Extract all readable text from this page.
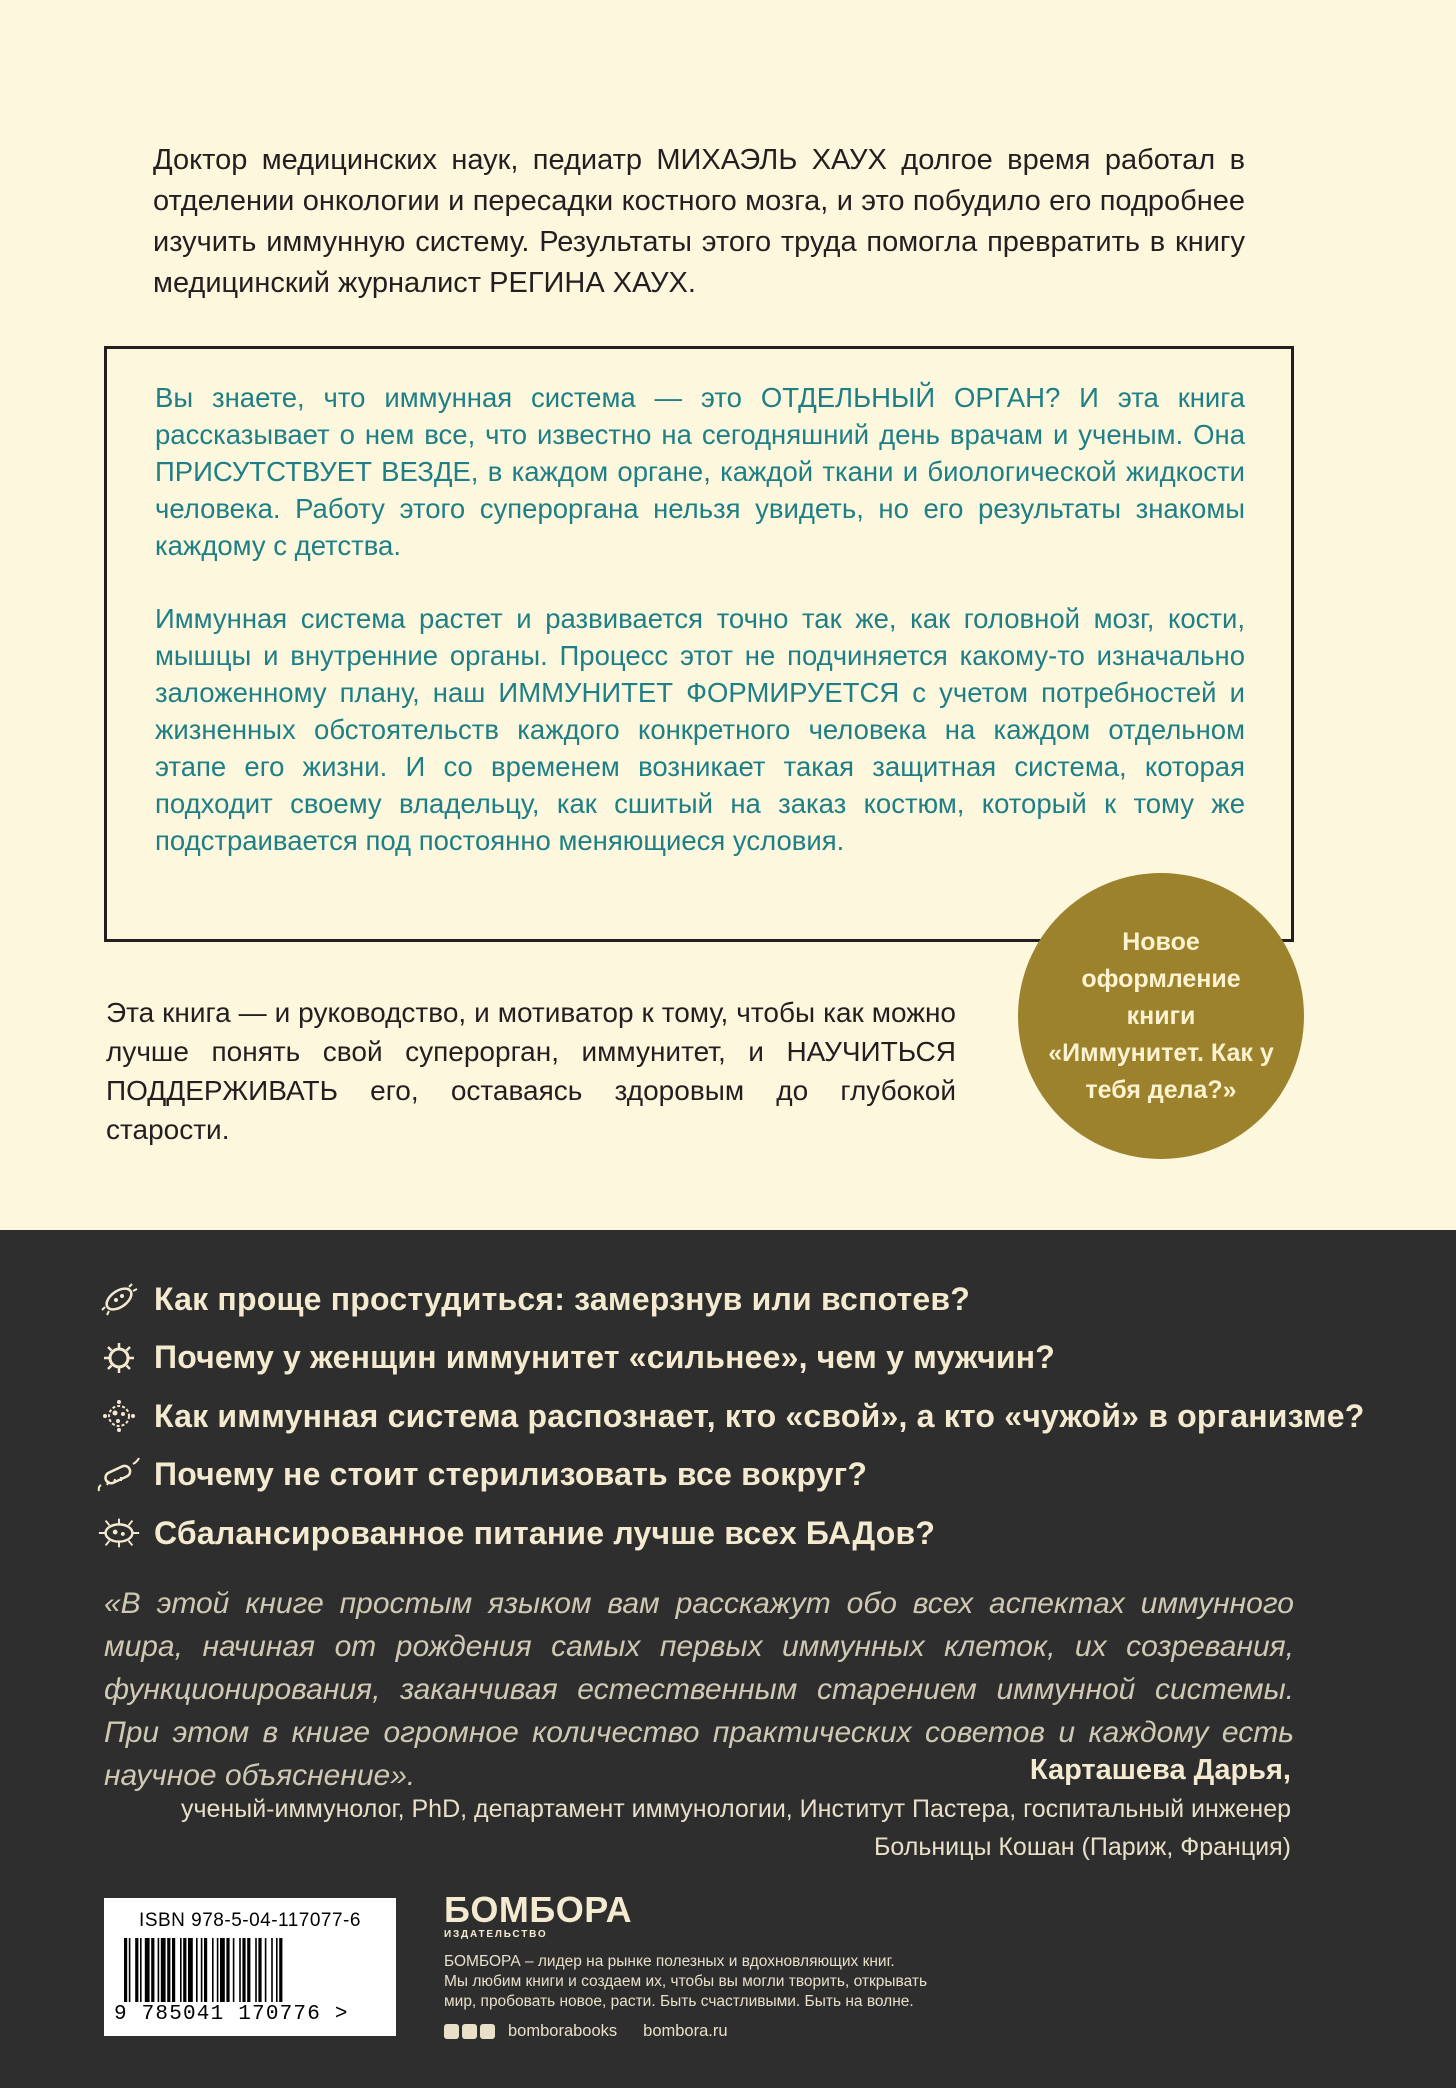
Доктор медицинских наук, педиатр МИХАЭЛЬ ХАУХ долгое время работал в отделении онкологии и пересадки костного мозга, и это побудило его подробнее изучить иммунную систему. Результаты этого труда помогла превратить в книгу медицинский журналист РЕГИНА ХАУХ.

Вы знаете, что иммунная система — это ОТДЕЛЬНЫЙ ОРГАН? И эта книга рассказывает о нем все, что известно на сегодняшний день врачам и ученым. Она ПРИСУТСТВУЕТ ВЕЗДЕ, в каждом органе, каждой ткани и биологической жидкости человека. Работу этого суперорганa нельзя увидеть, но его результаты знакомы каждому с детства.
Иммунная система растет и развивается точно так же, как головной мозг, кости, мышцы и внутренние органы. Процесс этот не подчиняется какому-то изначально заложенному плану, наш ИММУНИТЕТ ФОРМИРУЕТСЯ с учетом потребностей и жизненных обстоятельств каждого конкретного человека на каждом отдельном этапе его жизни. И со временем возникает такая защитная система, которая подходит своему владельцу, как сшитый на заказ костюм, который к тому же подстраивается под постоянно меняющиеся условия.
Эта книга — и руководство, и мотиватор к тому, чтобы как можно лучше понять свой суперорган, иммунитет, и НАУЧИТЬСЯ ПОДДЕРЖИВАТЬ его, оставаясь здоровым до глубокой старости.
Новое оформление книги «Иммунитет. Как у тебя дела?»
Как проще простудиться: замерзнув или вспотев?
Почему у женщин иммунитет «сильнее», чем у мужчин?
Как иммунная система распознает, кто «свой», а кто «чужой» в организме?
Почему не стоит стерилизовать все вокруг?
Сбалансированное питание лучше всех БАДов?
«В этой книге простым языком вам расскажут обо всех аспектах иммунного мира, начиная от рождения самых первых иммунных клеток, их созревания, функционирования, заканчивая естественным старением иммунной системы. При этом в книге огромное количество практических советов и каждому есть научное объяснение».	Карташева Дарья,
ученый-иммунолог, PhD, департамент иммунологии, Институт Пастера, госпитальный инженер Больницы Кошан (Париж, Франция)
ISBN 978-5-04-117077-6
9 785041 170776 >
БОМБОРА
ИЗДАТЕЛЬСТВО
БОМБОРА – лидер на рынке полезных и вдохновляющих книг.
Мы любим книги и создаем их, чтобы вы могли творить, открывать
мир, пробовать новое, расти. Быть счастливыми. Быть на волне.
bomborabooks bombora.ru
